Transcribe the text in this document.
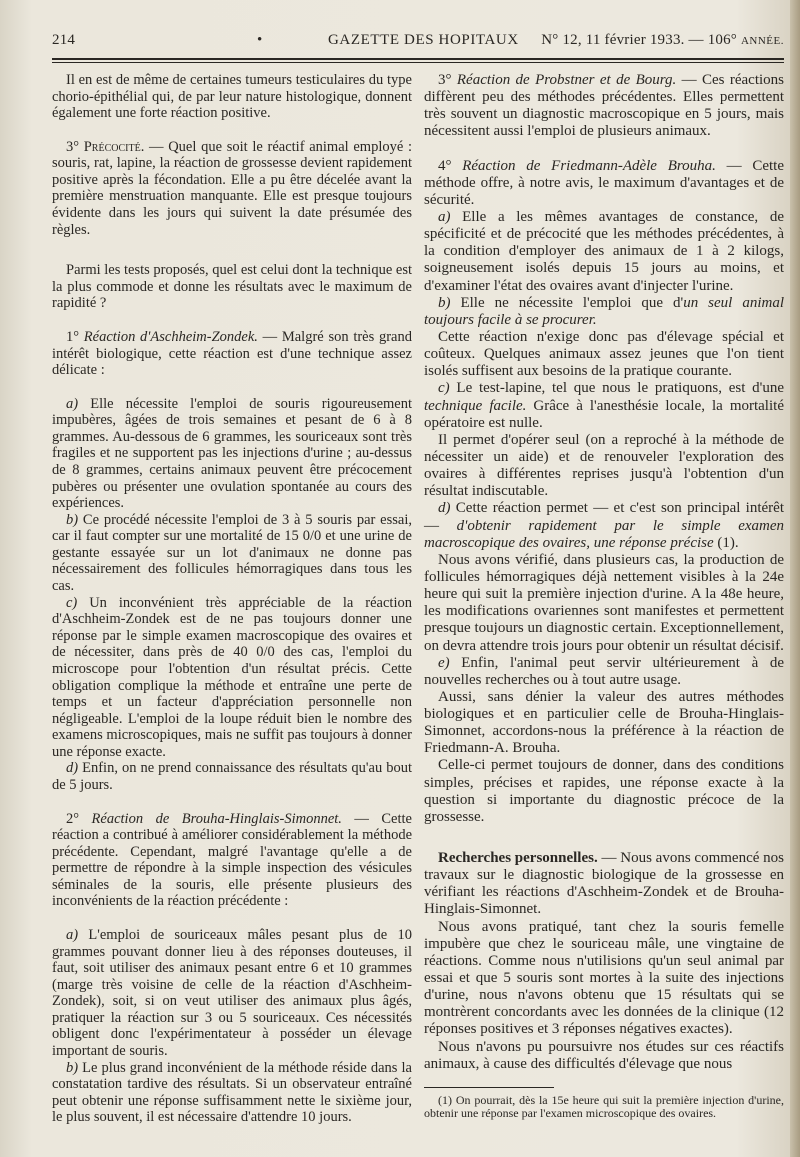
214	•	GAZETTE DES HOPITAUX N° 12, 11 février 1933. — 106° ANNÉE.

Il en est de même de certaines tumeurs testiculaires du type chorio-épithélial qui, de par leur nature histologique, donnent également une forte réaction positive.

3° Précocité. — Quel que soit le réactif animal employé : souris, rat, lapine, la réaction de grossesse devient rapidement positive après la fécondation. Elle a pu être décelée avant la première menstruation manquante. Elle est presque toujours évidente dans les jours qui suivent la date présumée des règles.

Parmi les tests proposés, quel est celui dont la technique est la plus commode et donne les résultats avec le maximum de rapidité ?

1° Réaction d'Aschheim-Zondek. — Malgré son très grand intérêt biologique, cette réaction est d'une technique assez délicate :

a) Elle nécessite l'emploi de souris rigoureusement impubères, âgées de trois semaines et pesant de 6 à 8 grammes. Au-dessous de 6 grammes, les souriceaux sont très fragiles et ne supportent pas les injections d'urine ; au-dessus de 8 grammes, certains animaux peuvent être précocement pubères ou présenter une ovulation spontanée au cours des expériences.

b) Ce procédé nécessite l'emploi de 3 à 5 souris par essai, car il faut compter sur une mortalité de 15 0/0 et une urine de gestante essayée sur un lot d'animaux ne donne pas nécessairement des follicules hémorragiques dans tous les cas.

c) Un inconvénient très appréciable de la réaction d'Aschheim-Zondek est de ne pas toujours donner une réponse par le simple examen macroscopique des ovaires et de nécessiter, dans près de 40 0/0 des cas, l'emploi du microscope pour l'obtention d'un résultat précis. Cette obligation complique la méthode et entraîne une perte de temps et un facteur d'appréciation personnelle non négligeable. L'emploi de la loupe réduit bien le nombre des examens microscopiques, mais ne suffit pas toujours à donner une réponse exacte.

d) Enfin, on ne prend connaissance des résultats qu'au bout de 5 jours.

2° Réaction de Brouha-Hinglais-Simonnet. — Cette réaction a contribué à améliorer considérablement la méthode précédente. Cependant, malgré l'avantage qu'elle a de permettre de répondre à la simple inspection des vésicules séminales de la souris, elle présente plusieurs des inconvénients de la réaction précédente :

a) L'emploi de souriceaux mâles pesant plus de 10 grammes pouvant donner lieu à des réponses douteuses, il faut, soit utiliser des animaux pesant entre 6 et 10 grammes (marge très voisine de celle de la réaction d'Aschheim-Zondek), soit, si on veut utiliser des animaux plus âgés, pratiquer la réaction sur 3 ou 5 souriceaux. Ces nécessités obligent donc l'expérimentateur à posséder un élevage important de souris.

b) Le plus grand inconvénient de la méthode réside dans la constatation tardive des résultats. Si un observateur entraîné peut obtenir une réponse suffisamment nette le sixième jour, le plus souvent, il est nécessaire d'attendre 10 jours.

3° Réaction de Probstner et de Bourg. — Ces réactions diffèrent peu des méthodes précédentes. Elles permettent très souvent un diagnostic macroscopique en 5 jours, mais nécessitent aussi l'emploi de plusieurs animaux.

4° Réaction de Friedmann-Adèle Brouha. — Cette méthode offre, à notre avis, le maximum d'avantages et de sécurité.

a) Elle a les mêmes avantages de constance, de spécificité et de précocité que les méthodes précédentes, à la condition d'employer des animaux de 1 à 2 kilogs, soigneusement isolés depuis 15 jours au moins, et d'examiner l'état des ovaires avant d'injecter l'urine.

b) Elle ne nécessite l'emploi que d'un seul animal toujours facile à se procurer.

Cette réaction n'exige donc pas d'élevage spécial et coûteux. Quelques animaux assez jeunes que l'on tient isolés suffisent aux besoins de la pratique courante.

c) Le test-lapine, tel que nous le pratiquons, est d'une technique facile. Grâce à l'anesthésie locale, la mortalité opératoire est nulle.

Il permet d'opérer seul (on a reproché à la méthode de nécessiter un aide) et de renouveler l'exploration des ovaires à différentes reprises jusqu'à l'obtention d'un résultat indiscutable.

d) Cette réaction permet — et c'est son principal intérêt — d'obtenir rapidement par le simple examen macroscopique des ovaires, une réponse précise (1).

Nous avons vérifié, dans plusieurs cas, la production de follicules hémorragiques déjà nettement visibles à la 24e heure qui suit la première injection d'urine. A la 48e heure, les modifications ovariennes sont manifestes et permettent presque toujours un diagnostic certain. Exceptionnellement, on devra attendre trois jours pour obtenir un résultat décisif.

e) Enfin, l'animal peut servir ultérieurement à de nouvelles recherches ou à tout autre usage.

Aussi, sans dénier la valeur des autres méthodes biologiques et en particulier celle de Brouha-Hinglais-Simonnet, accordons-nous la préférence à la réaction de Friedmann-A. Brouha.

Celle-ci permet toujours de donner, dans des conditions simples, précises et rapides, une réponse exacte à la question si importante du diagnostic précoce de la grossesse.

Recherches personnelles. — Nous avons commencé nos travaux sur le diagnostic biologique de la grossesse en vérifiant les réactions d'Aschheim-Zondek et de Brouha-Hinglais-Simonnet.

Nous avons pratiqué, tant chez la souris femelle impubère que chez le souriceau mâle, une vingtaine de réactions. Comme nous n'utilisions qu'un seul animal par essai et que 5 souris sont mortes à la suite des injections d'urine, nous n'avons obtenu que 15 résultats qui se montrèrent concordants avec les données de la clinique (12 réponses positives et 3 réponses négatives exactes).

Nous n'avons pu poursuivre nos études sur ces réactifs animaux, à cause des difficultés d'élevage que nous

(1) On pourrait, dès la 15e heure qui suit la première injection d'urine, obtenir une réponse par l'examen microscopique des ovaires.
